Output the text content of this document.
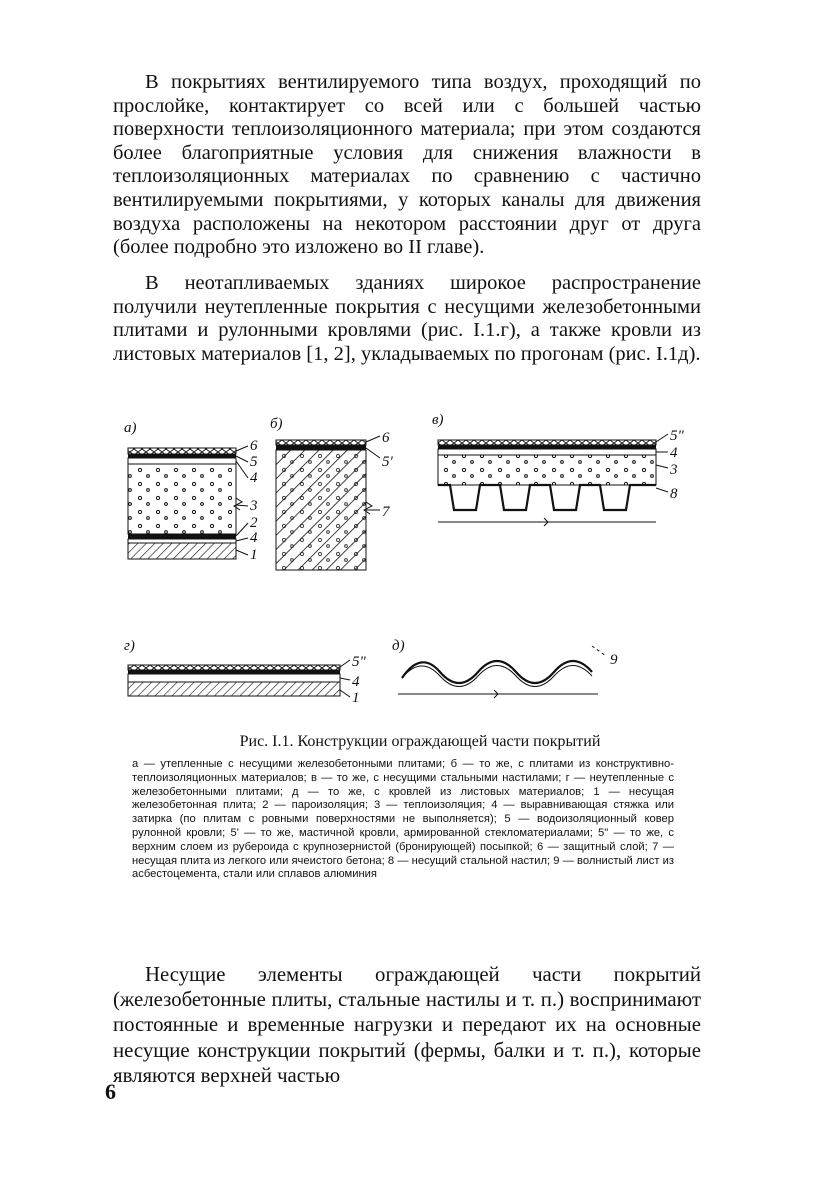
В покрытиях вентилируемого типа воздух, проходящий по прослойке, контактирует со всей или с большей частью поверхности теплоизоляционного материала; при этом создаются более благоприятные условия для снижения влажности в теплоизоляционных материалах по сравнению с частично вентилируемыми покрытиями, у которых каналы для движения воздуха расположены на некотором расстоянии друг от друга (более подробно это изложено во II главе).

В неотапливаемых зданиях широкое распространение получили неутепленные покрытия с несущими железобетонными плитами и рулонными кровлями (рис. I.1.г), а также кровли из листовых материалов [1, 2], укладываемых по прогонам (рис. I.1д).

а)
6
5
4
3
2
4
1
б)
6
5'
7
в)
5"
4
3
8
г)
5"
4
1
д)
9

Рис. I.1. Конструкции ограждающей части покрытий

а — утепленные с несущими железобетонными плитами; б — то же, с плитами из конструктивно-теплоизоляционных материалов; в — то же, с несущими стальными настилами; г — неутепленные с железобетонными плитами; д — то же, с кровлей из листовых материалов; 1 — несущая железобетонная плита; 2 — пароизоляция; 3 — теплоизоляция; 4 — выравнивающая стяжка или затирка (по плитам с ровными поверхностями не выполняется); 5 — водоизоляционный ковер рулонной кровли; 5' — то же, мастичной кровли, армированной стекломатериалами; 5" — то же, с верхним слоем из рубероида с крупнозернистой (бронирующей) посыпкой; 6 — защитный слой; 7 — несущая плита из легкого или ячеистого бетона; 8 — несущий стальной настил; 9 — волнистый лист из асбестоцемента, стали или сплавов алюминия

Несущие элементы ограждающей части покрытий (железобетонные плиты, стальные настилы и т. п.) воспринимают постоянные и временные нагрузки и передают их на основные несущие конструкции покрытий (фермы, балки и т. п.), которые являются верхней частью

6
